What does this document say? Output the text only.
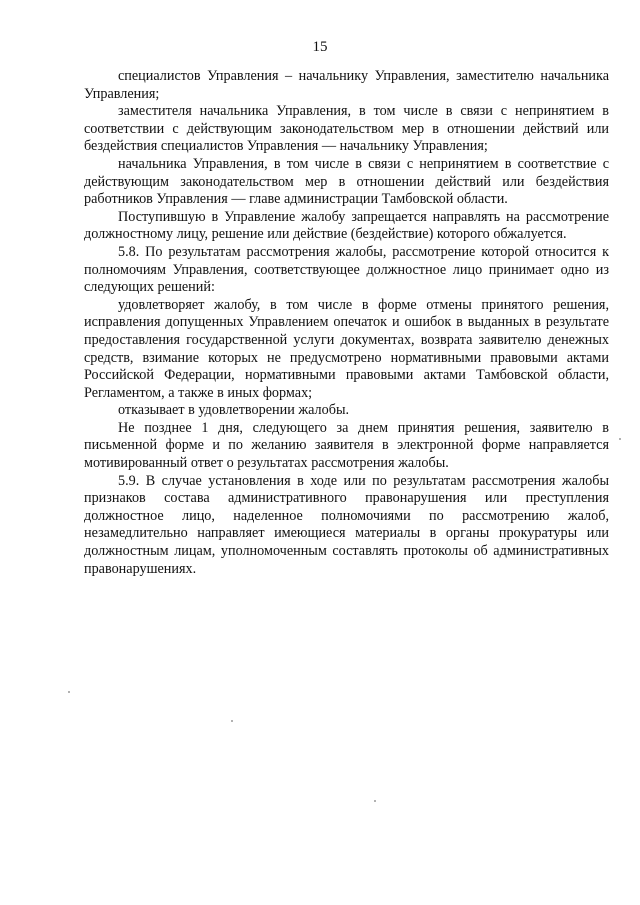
15

специалистов Управления – начальнику Управления, заместителю начальника Управления;

заместителя начальника Управления, в том числе в связи с непринятием в соответствии с действующим законодательством мер в отношении действий или бездействия специалистов Управления — начальнику Управления;

начальника Управления, в том числе в связи с непринятием в соответствие с действующим законодательством мер в отношении действий или бездействия работников Управления — главе администрации Тамбовской области.

Поступившую в Управление жалобу запрещается направлять на рассмотрение должностному лицу, решение или действие (бездействие) которого обжалуется.

5.8. По результатам рассмотрения жалобы, рассмотрение которой относится к полномочиям Управления, соответствующее должностное лицо принимает одно из следующих решений:

удовлетворяет жалобу, в том числе в форме отмены принятого решения, исправления допущенных Управлением опечаток и ошибок в выданных в результате предоставления государственной услуги документах, возврата заявителю денежных средств, взимание которых не предусмотрено нормативными правовыми актами Российской Федерации, нормативными правовыми актами Тамбовской области, Регламентом, а также в иных формах;

отказывает в удовлетворении жалобы.

Не позднее 1 дня, следующего за днем принятия решения, заявителю в письменной форме и по желанию заявителя в электронной форме направляется мотивированный ответ о результатах рассмотрения жалобы.

5.9. В случае установления в ходе или по результатам рассмотрения жалобы признаков состава административного правонарушения или преступления должностное лицо, наделенное полномочиями по рассмотрению жалоб, незамедлительно направляет имеющиеся материалы в органы прокуратуры или должностным лицам, уполномоченным составлять протоколы об административных правонарушениях.
